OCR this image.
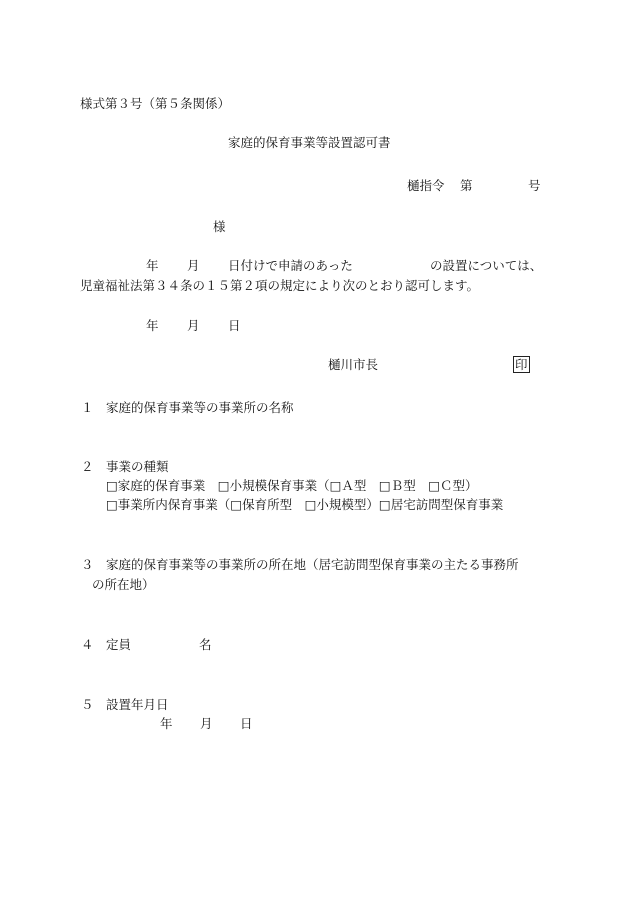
様式第３号（第５条関係）
家庭的保育事業等設置認可書
樋指令 第	号
様
年 月 日付けで申請のあった	の設置については、
児童福祉法第３４条の１５第２項の規定により次のとおり認可します。
年 月 日
樋川市長	印
１ 家庭的保育事業等の事業所の名称
２ 事業の種類
□家庭的保育事業　□小規模保育事業（□Ａ型　□Ｂ型　□Ｃ型）
□事業所内保育事業（□保育所型　□小規模型）□居宅訪問型保育事業
３ 家庭的保育事業等の事業所の所在地（居宅訪問型保育事業の主たる事務所
の所在地）
４ 定員	名
５ 設置年月日
年 月 日
